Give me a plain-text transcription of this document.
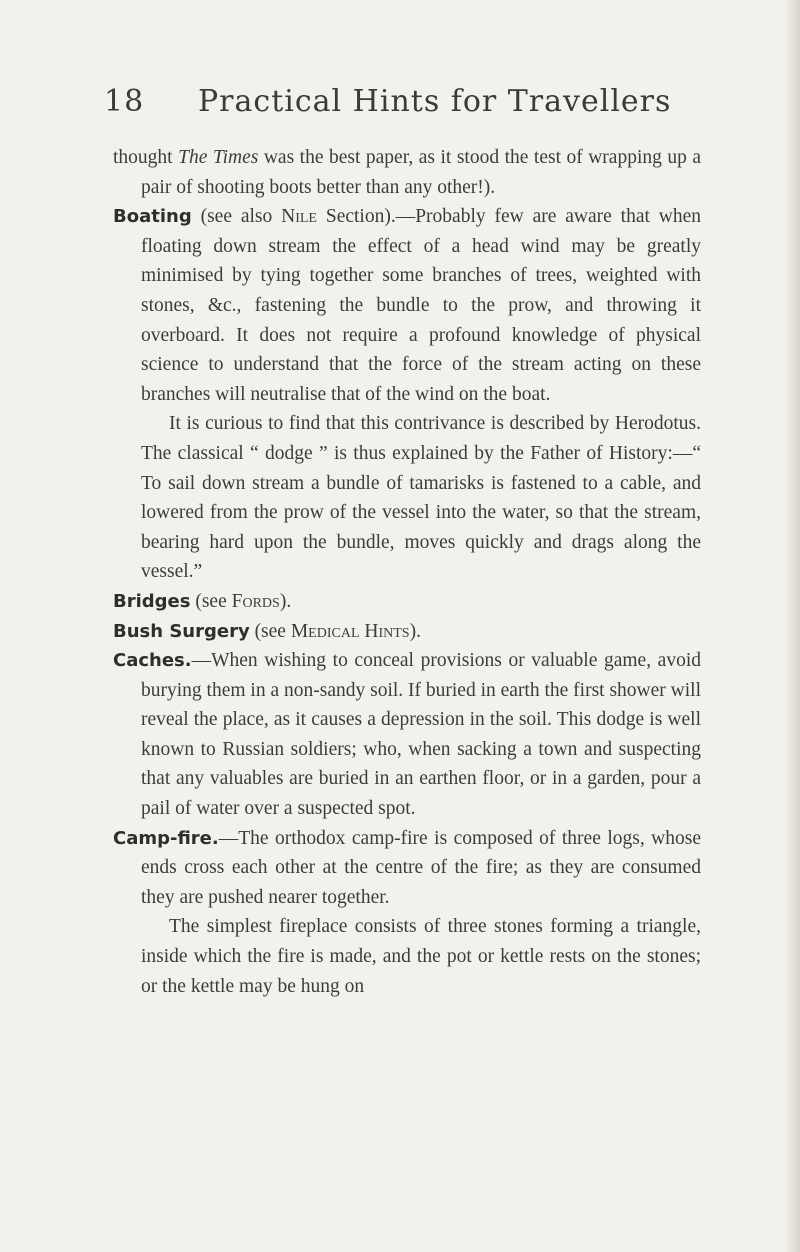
18 Practical Hints for Travellers

thought The Times was the best paper, as it stood the test of wrapping up a pair of shooting boots better than any other!).

Boating (see also Nile Section).—Probably few are aware that when floating down stream the effect of a head wind may be greatly minimised by tying together some branches of trees, weighted with stones, &c., fastening the bundle to the prow, and throwing it overboard. It does not require a profound knowledge of physical science to understand that the force of the stream acting on these branches will neutralise that of the wind on the boat.

It is curious to find that this contrivance is described by Herodotus. The classical “ dodge ” is thus explained by the Father of History:—“ To sail down stream a bundle of tamarisks is fastened to a cable, and lowered from the prow of the vessel into the water, so that the stream, bearing hard upon the bundle, moves quickly and drags along the vessel.”

Bridges (see Fords).

Bush Surgery (see Medical Hints).

Caches.—When wishing to conceal provisions or valuable game, avoid burying them in a non-sandy soil. If buried in earth the first shower will reveal the place, as it causes a depression in the soil. This dodge is well known to Russian soldiers; who, when sacking a town and suspecting that any valuables are buried in an earthen floor, or in a garden, pour a pail of water over a suspected spot.

Camp-fire.—The orthodox camp-fire is composed of three logs, whose ends cross each other at the centre of the fire; as they are consumed they are pushed nearer together.

The simplest fireplace consists of three stones forming a triangle, inside which the fire is made, and the pot or kettle rests on the stones; or the kettle may be hung on
